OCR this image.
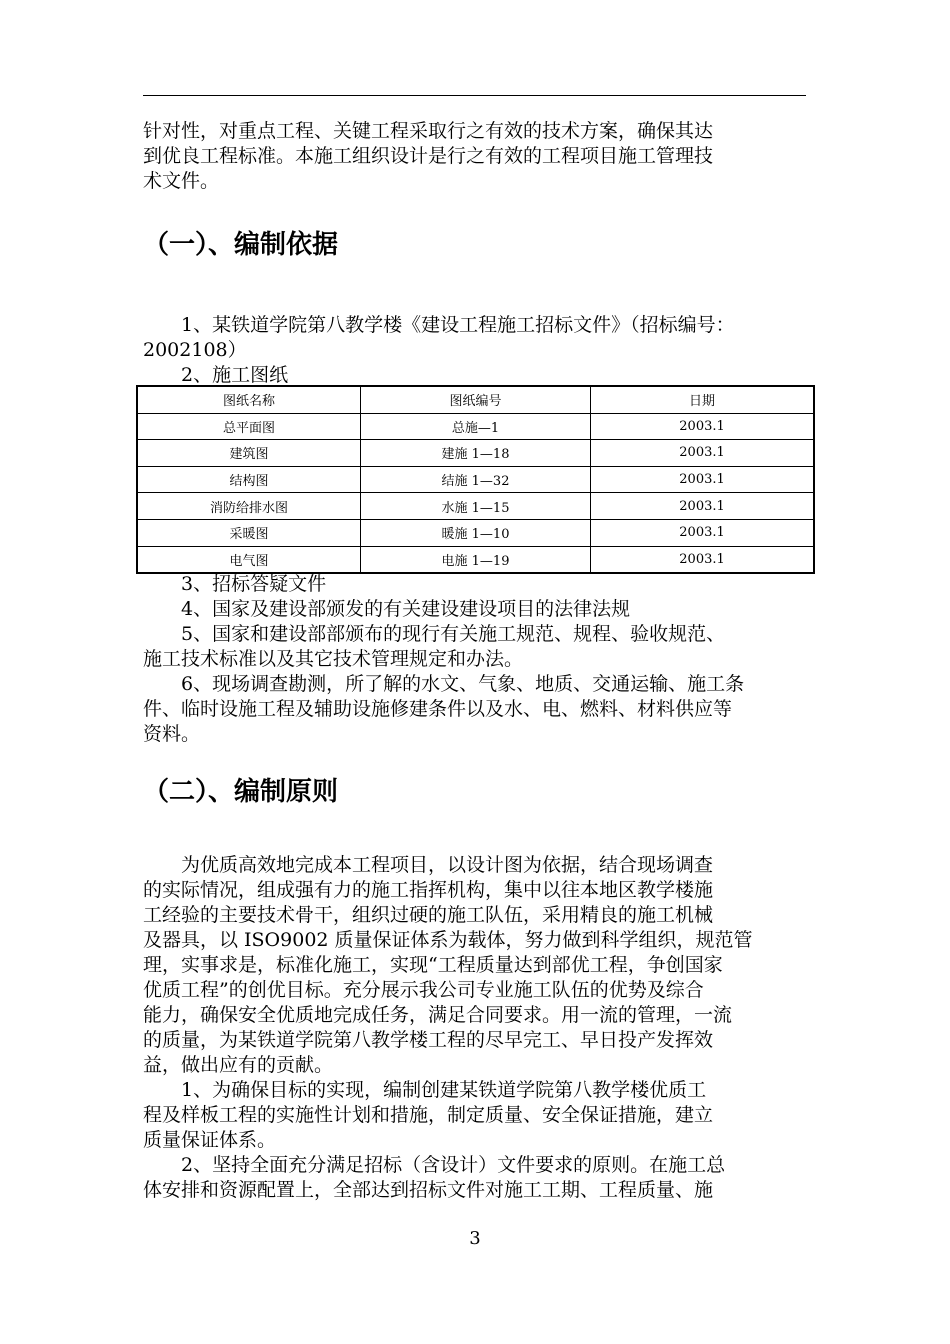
针对性，对重点工程、关键工程采取行之有效的技术方案，确保其达

到优良工程标准。本施工组织设计是行之有效的工程项目施工管理技

术文件。

（一）、编制依据

1、某铁道学院第八教学楼《建设工程施工招标文件》（招标编号：

2002108）

2、施工图纸

图纸名称	图纸编号	日期
总平面图	总施—1	2003.1
建筑图	建施 1—18	2003.1
结构图	结施 1—32	2003.1
消防给排水图	水施 1—15	2003.1
采暖图	暖施 1—10	2003.1
电气图	电施 1—19	2003.1

3、招标答疑文件

4、国家及建设部颁发的有关建设建设项目的法律法规

5、国家和建设部部颁布的现行有关施工规范、规程、验收规范、

施工技术标准以及其它技术管理规定和办法。

6、现场调查勘测，所了解的水文、气象、地质、交通运输、施工条

件、临时设施工程及辅助设施修建条件以及水、电、燃料、材料供应等

资料。

（二）、编制原则

为优质高效地完成本工程项目，以设计图为依据，结合现场调查

的实际情况，组成强有力的施工指挥机构，集中以往本地区教学楼施

工经验的主要技术骨干，组织过硬的施工队伍，采用精良的施工机械

及器具，以 ISO9002 质量保证体系为载体，努力做到科学组织，规范管

理，实事求是，标准化施工，实现“工程质量达到部优工程，争创国家

优质工程”的创优目标。充分展示我公司专业施工队伍的优势及综合

能力，确保安全优质地完成任务，满足合同要求。用一流的管理，一流

的质量，为某铁道学院第八教学楼工程的尽早完工、早日投产发挥效

益，做出应有的贡献。

1、为确保目标的实现，编制创建某铁道学院第八教学楼优质工

程及样板工程的实施性计划和措施，制定质量、安全保证措施，建立

质量保证体系。

2、坚持全面充分满足招标（含设计）文件要求的原则。在施工总

体安排和资源配置上，全部达到招标文件对施工工期、工程质量、施

3
